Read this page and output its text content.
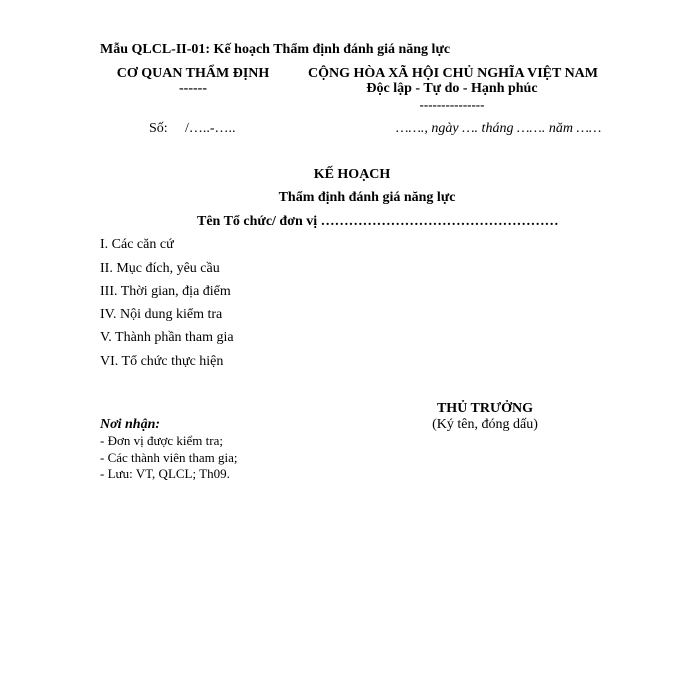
Mẫu QLCL-II-01: Kế hoạch Thẩm định đánh giá năng lực
CƠ QUAN THẨM ĐỊNH
------
CỘNG HÒA XÃ HỘI CHỦ NGHĨA VIỆT NAM
Độc lập - Tự do - Hạnh phúc
---------------
Số: /…..-…..	……., ngày …. tháng ……. năm ……
KẾ HOẠCH
Thẩm định đánh giá năng lực
Tên Tổ chức/ đơn vị ……………………………………………
I. Các căn cứ
II. Mục đích, yêu cầu
III. Thời gian, địa điểm
IV. Nội dung kiểm tra
V. Thành phần tham gia
VI. Tổ chức thực hiện
THỦ TRƯỞNG
(Ký tên, đóng dấu)
Nơi nhận:
- Đơn vị được kiểm tra;
- Các thành viên tham gia;
- Lưu: VT, QLCL; Th09.
